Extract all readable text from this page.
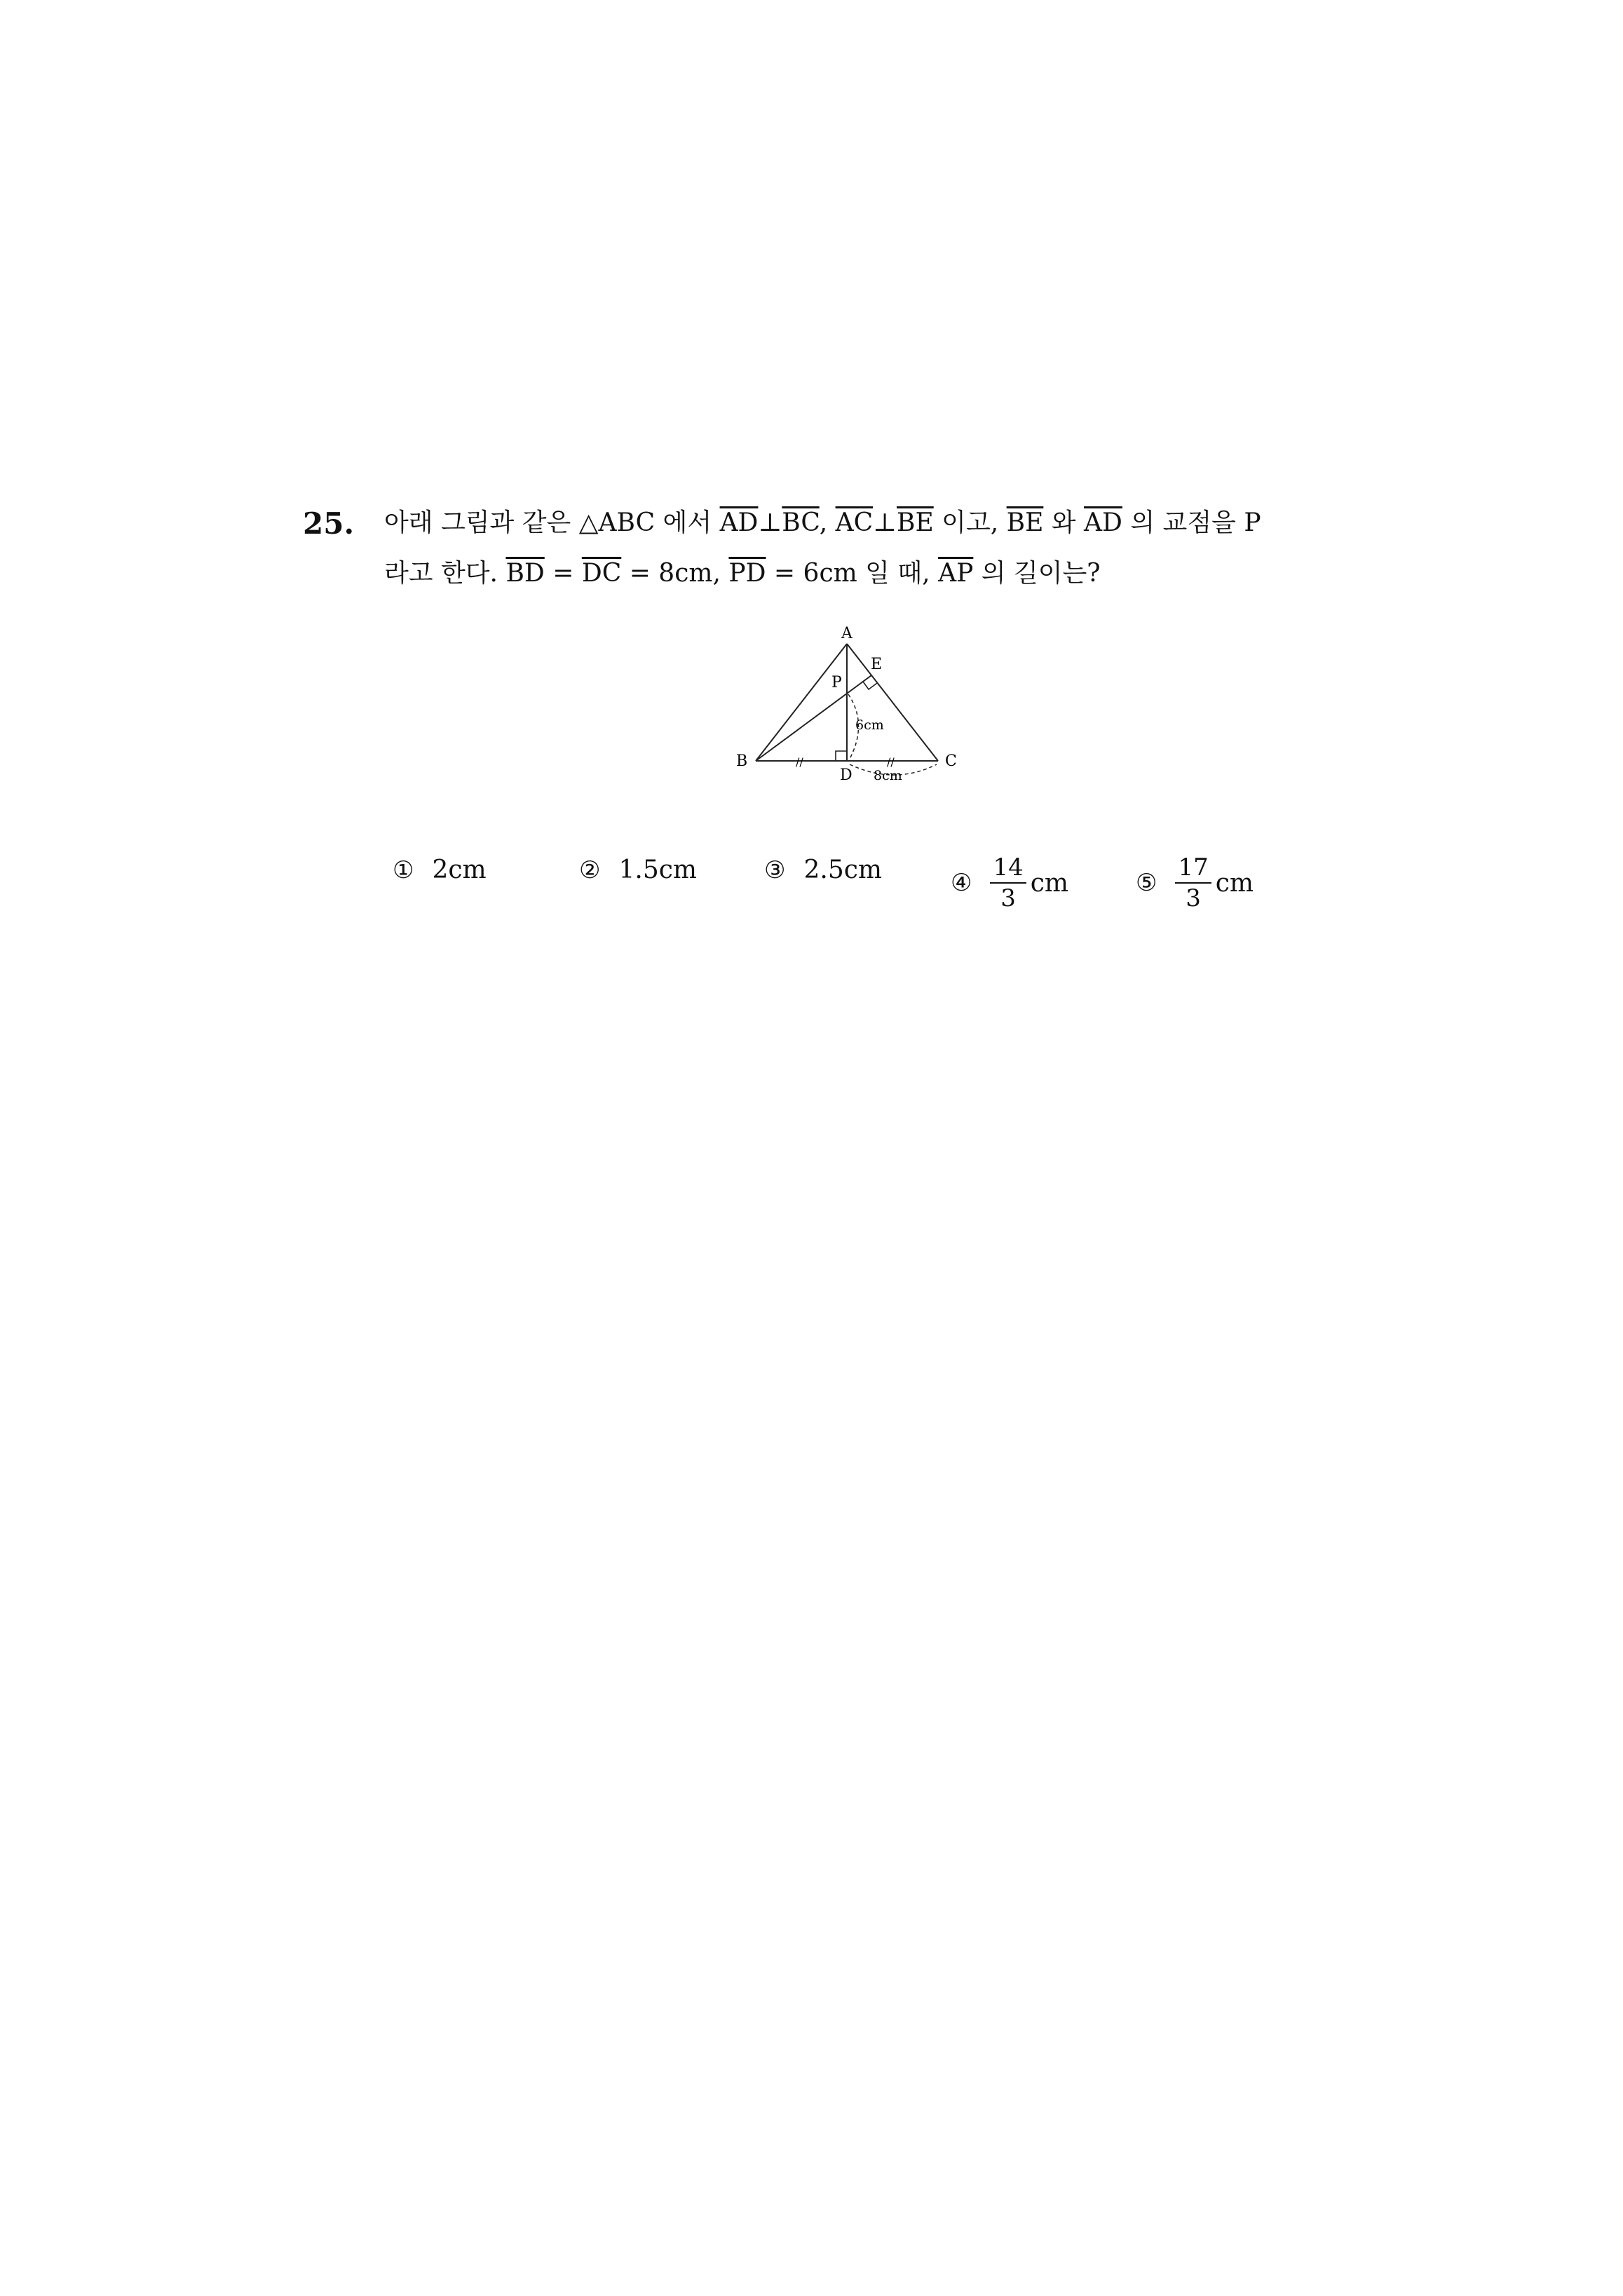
25. 아래 그림과 같은 △ABC 에서 $\overline{AD}\perp\overline{BC}$, $\overline{AC}\perp\overline{BE}$ 이고, $\overline{BE}$ 와 $\overline{AD}$ 의 교점을 P
라고 한다. $\overline{BD} = \overline{DC} = 8cm$, $\overline{PD} = 6cm$ 일 때, $\overline{AP}$ 의 길이는?
A
E
P
B	C
D
6cm
8cm
//	//
① 2cm	② 1.5cm	③ 2.5cm	④ $\frac{14}{3}$ cm	⑤ $\frac{17}{3}$ cm
